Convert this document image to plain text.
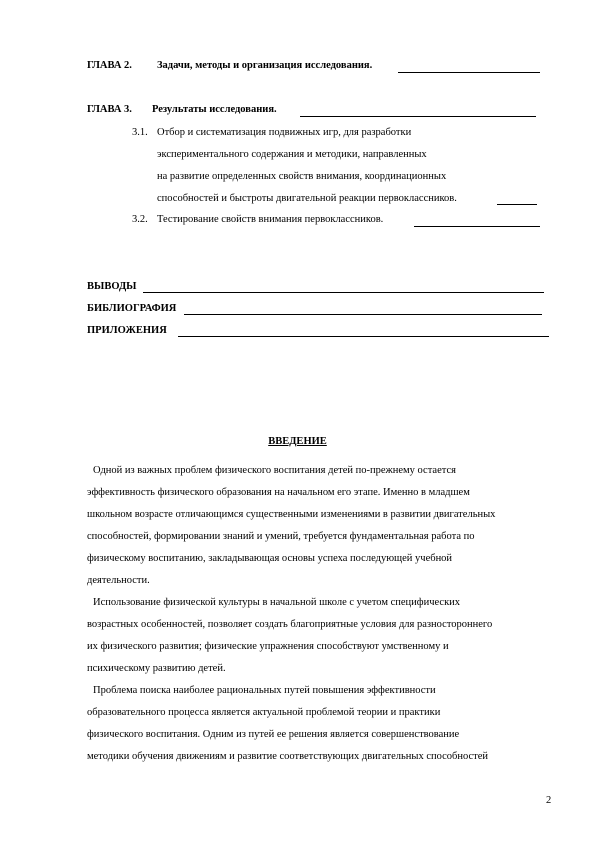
ГЛАВА 2. Задачи, методы и организация исследования.
ГЛАВА 3. Результаты исследования.
3.1. Отбор и систематизация подвижных игр, для разработки
экспериментального содержания и методики, направленных
на развитие определенных свойств внимания, координационных
способностей и быстроты двигательной реакции первоклассников.
3.2. Тестирование свойств внимания первоклассников.
ВЫВОДЫ
БИБЛИОГРАФИЯ
ПРИЛОЖЕНИЯ
ВВЕДЕНИЕ
Одной из важных проблем физического воспитания детей по-прежнему остается
эффективность физического образования на начальном его этапе. Именно в младшем
школьном возрасте отличающимся существенными изменениями в развитии двигательных
способностей, формировании знаний и умений, требуется фундаментальная работа по
физическому воспитанию, закладывающая основы успеха последующей учебной
деятельности.
Использование физической культуры в начальной школе с учетом специфических
возрастных особенностей, позволяет создать благоприятные условия для разностороннего
их физического развития; физические упражнения способствуют умственному и
психическому развитию детей.
Проблема поиска наиболее рациональных путей повышения эффективности
образовательного процесса является актуальной проблемой теории и практики
физического воспитания. Одним из путей ее решения является совершенствование
методики обучения движениям и развитие соответствующих двигательных способностей
2
